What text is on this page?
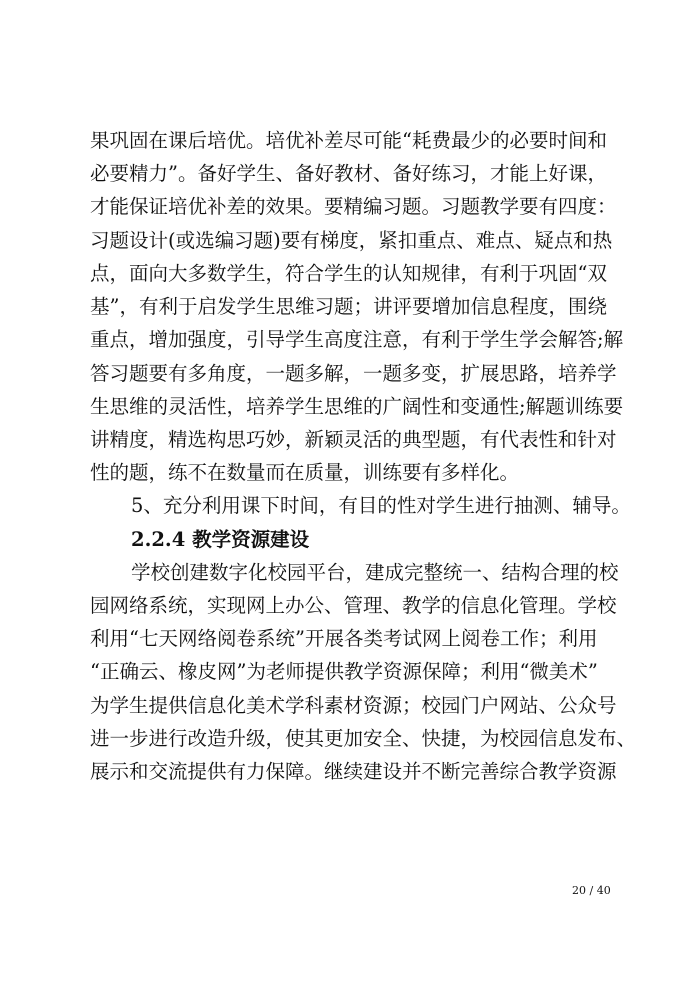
果巩固在课后培优。培优补差尽可能“耗费最少的必要时间和
必要精力”。备好学生、备好教材、备好练习，才能上好课，
才能保证培优补差的效果。要精编习题。习题教学要有四度：
习题设计(或选编习题)要有梯度，紧扣重点、难点、疑点和热
点，面向大多数学生，符合学生的认知规律，有利于巩固“双
基”，有利于启发学生思维习题；讲评要增加信息程度，围绕
重点，增加强度，引导学生高度注意，有利于学生学会解答;解
答习题要有多角度，一题多解，一题多变，扩展思路，培养学
生思维的灵活性，培养学生思维的广阔性和变通性;解题训练要
讲精度，精选构思巧妙，新颖灵活的典型题，有代表性和针对
性的题，练不在数量而在质量，训练要有多样化。
5、充分利用课下时间，有目的性对学生进行抽测、辅导。
2.2.4 教学资源建设
学校创建数字化校园平台，建成完整统一、结构合理的校
园网络系统，实现网上办公、管理、教学的信息化管理。学校
利用“七天网络阅卷系统”开展各类考试网上阅卷工作；利用
“正确云、橡皮网”为老师提供教学资源保障；利用“微美术”
为学生提供信息化美术学科素材资源；校园门户网站、公众号
进一步进行改造升级，使其更加安全、快捷，为校园信息发布、
展示和交流提供有力保障。继续建设并不断完善综合教学资源
20 / 40
